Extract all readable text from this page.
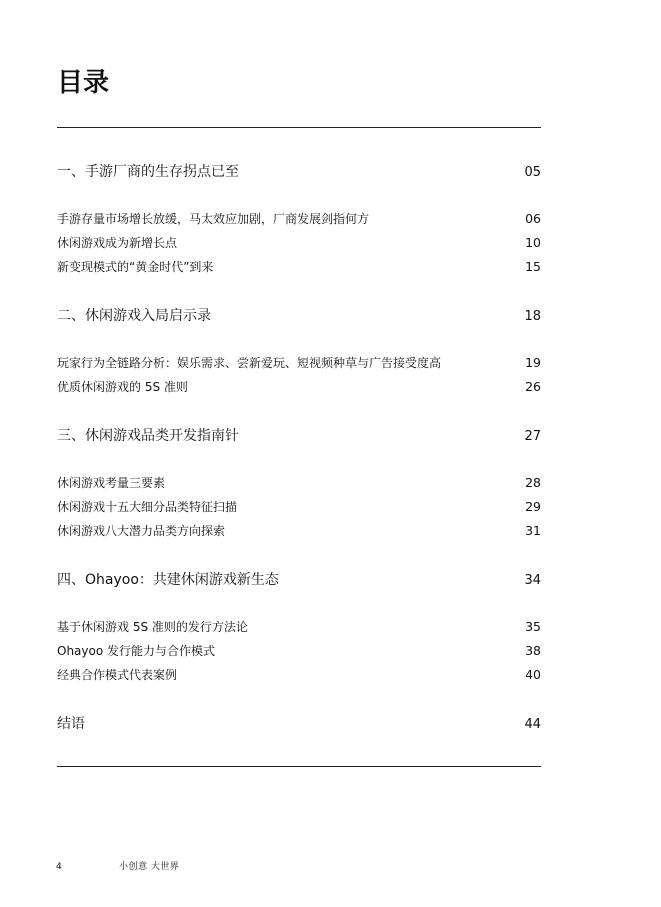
目录
一、手游厂商的生存拐点已至	05
手游存量市场增长放缓，马太效应加剧，厂商发展剑指何方	06
休闲游戏成为新增长点	10
新变现模式的“黄金时代”到来	15
二、休闲游戏入局启示录	18
玩家行为全链路分析：娱乐需求、尝新爱玩、短视频种草与广告接受度高	19
优质休闲游戏的 5S 准则	26
三、休闲游戏品类开发指南针	27
休闲游戏考量三要素	28
休闲游戏十五大细分品类特征扫描	29
休闲游戏八大潜力品类方向探索	31
四、Ohayoo：共建休闲游戏新生态	34
基于休闲游戏 5S 准则的发行方法论	35
Ohayoo 发行能力与合作模式	38
经典合作模式代表案例	40
结语	44
4	小创意 大世界
